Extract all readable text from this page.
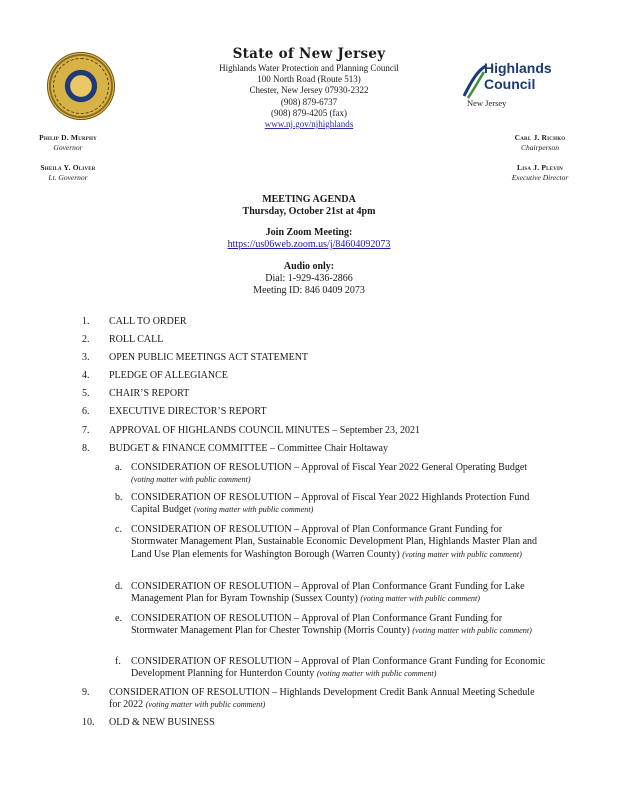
State of New Jersey
Highlands Water Protection and Planning Council
100 North Road (Route 513)
Chester, New Jersey 07930-2322
(908) 879-6737
(908) 879-4205 (fax)
www.nj.gov/njhighlands
Highlands
Council
New Jersey
Philip D. Murphy
Governor
Sheila Y. Oliver
Lt. Governor
Carl J. Richko
Chairperson
Lisa J. Plevin
Executive Director
MEETING AGENDA
Thursday, October 21st at 4pm
Join Zoom Meeting:
https://us06web.zoom.us/j/84604092073
Audio only:
Dial: 1-929-436-2866
Meeting ID: 846 0409 2073
1.	CALL TO ORDER
2.	ROLL CALL
3.	OPEN PUBLIC MEETINGS ACT STATEMENT
4.	PLEDGE OF ALLEGIANCE
5.	CHAIR’S REPORT
6.	EXECUTIVE DIRECTOR’S REPORT
7.	APPROVAL OF HIGHLANDS COUNCIL MINUTES – September 23, 2021
8.	BUDGET & FINANCE COMMITTEE – Committee Chair Holtaway
a. CONSIDERATION OF RESOLUTION – Approval of Fiscal Year 2022 General Operating Budget (voting matter with public comment)
b. CONSIDERATION OF RESOLUTION – Approval of Fiscal Year 2022 Highlands Protection Fund Capital Budget (voting matter with public comment)
c. CONSIDERATION OF RESOLUTION – Approval of Plan Conformance Grant Funding for Stormwater Management Plan, Sustainable Economic Development Plan, Highlands Master Plan and Land Use Plan elements for Washington Borough (Warren County) (voting matter with public comment)
d. CONSIDERATION OF RESOLUTION – Approval of Plan Conformance Grant Funding for Lake Management Plan for Byram Township (Sussex County) (voting matter with public comment)
e. CONSIDERATION OF RESOLUTION – Approval of Plan Conformance Grant Funding for Stormwater Management Plan for Chester Township (Morris County) (voting matter with public comment)
f.	CONSIDERATION OF RESOLUTION – Approval of Plan Conformance Grant Funding for Economic Development Planning for Hunterdon County (voting matter with public comment)
9.	CONSIDERATION OF RESOLUTION – Highlands Development Credit Bank Annual Meeting Schedule for 2022 (voting matter with public comment)
10.	OLD & NEW BUSINESS
